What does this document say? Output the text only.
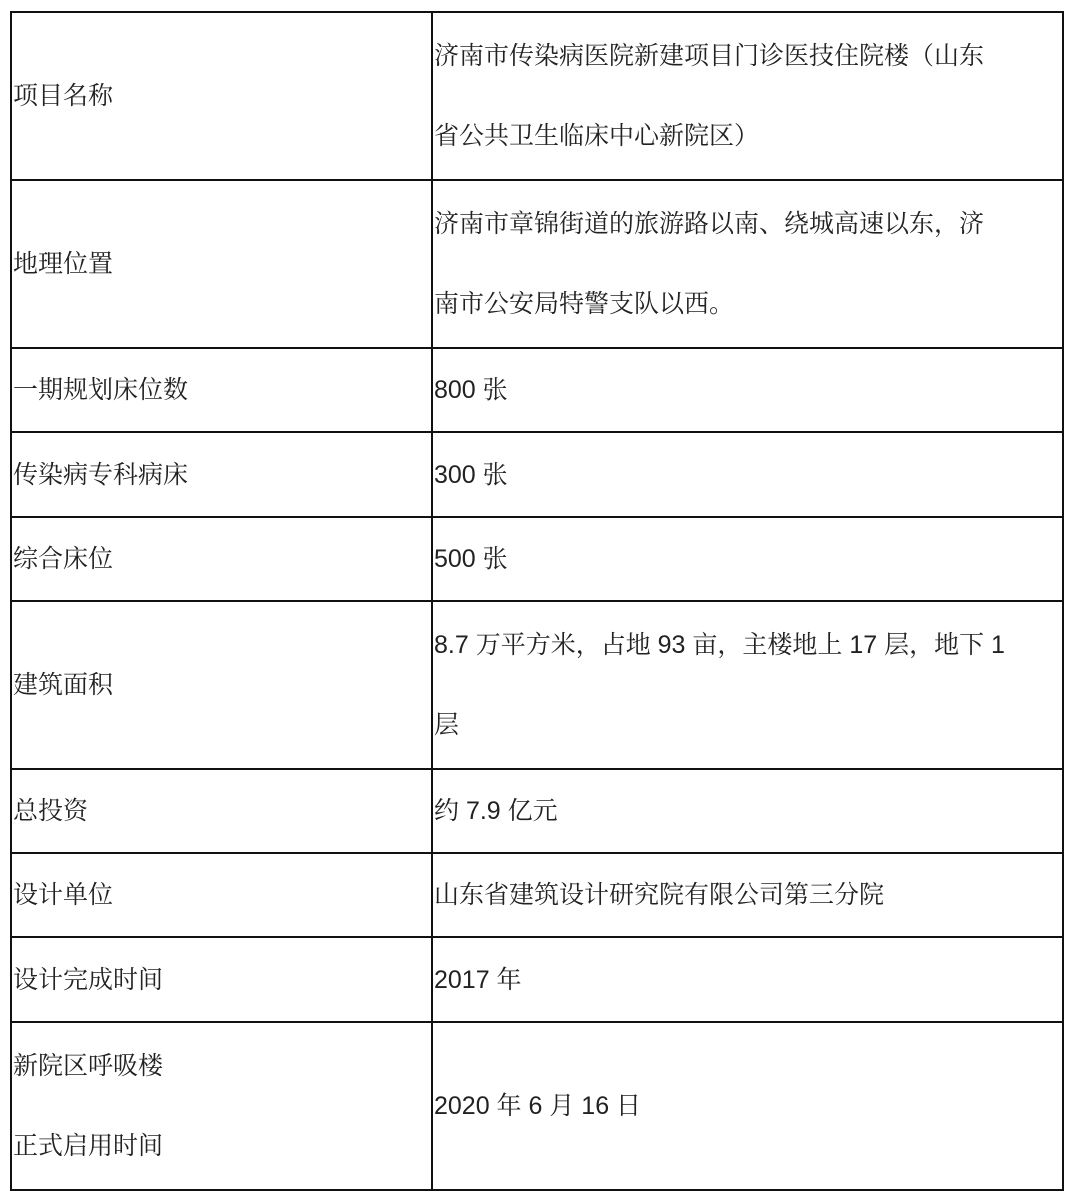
项目名称	济南市传染病医院新建项目门诊医技住院楼（山东
省公共卫生临床中心新院区）

地理位置	济南市章锦街道的旅游路以南、绕城高速以东，济
南市公安局特警支队以西。

一期规划床位数	800 张

传染病专科病床	300 张

综合床位	500 张

建筑面积	8.7 万平方米，占地 93 亩，主楼地上 17 层，地下 1
层

总投资	约 7.9 亿元

设计单位	山东省建筑设计研究院有限公司第三分院

设计完成时间	2017 年

新院区呼吸楼
正式启用时间	2020 年 6 月 16 日
